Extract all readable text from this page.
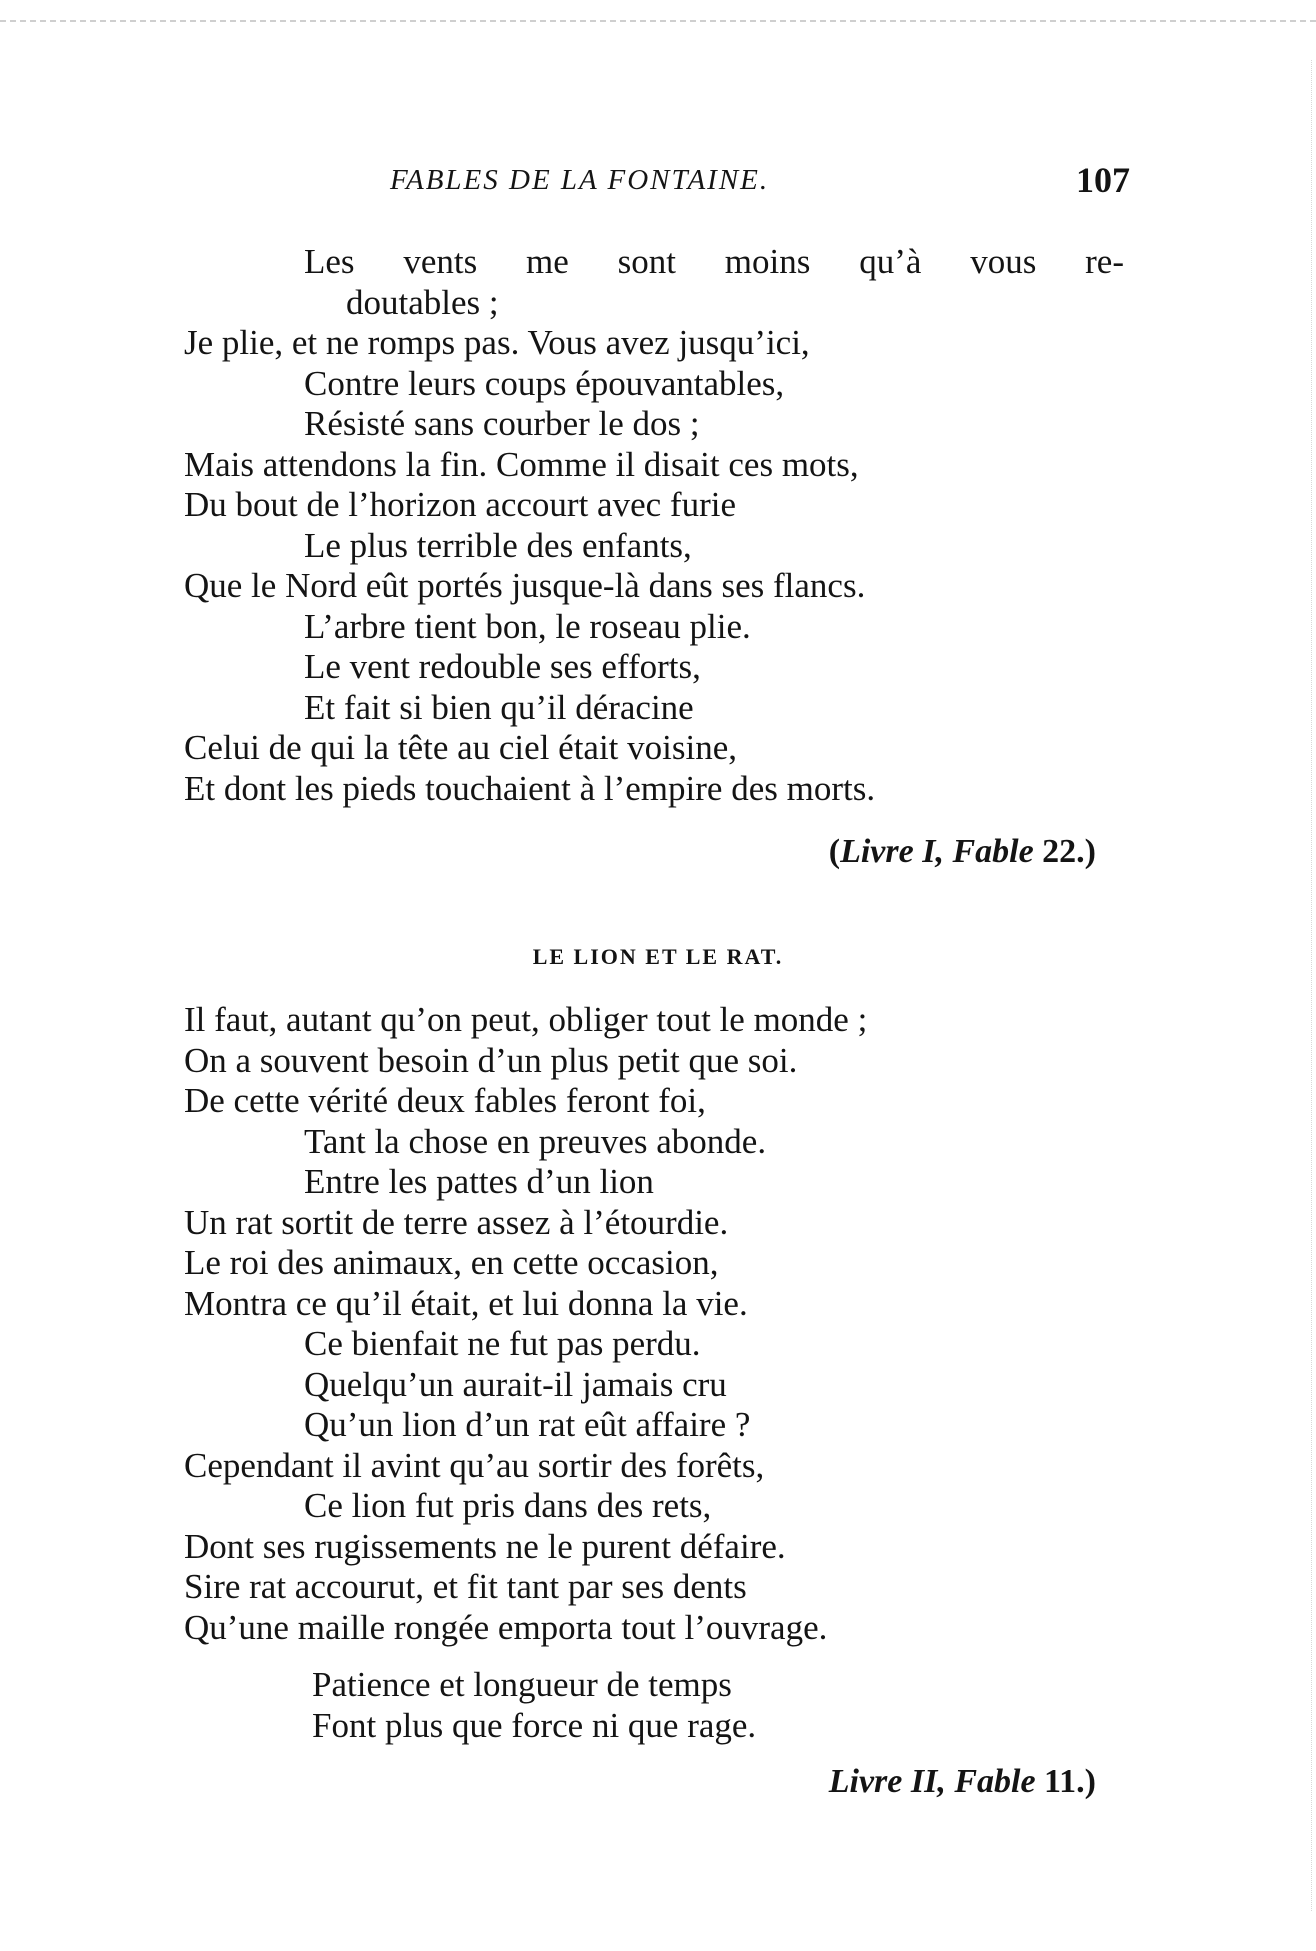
FABLES DE LA FONTAINE.	107
Les vents me sont moins qu’à vous re-
doutables ;
Je plie, et ne romps pas. Vous avez jusqu’ici,
Contre leurs coups épouvantables,
Résisté sans courber le dos ;
Mais attendons la fin. Comme il disait ces mots,
Du bout de l’horizon accourt avec furie
Le plus terrible des enfants,
Que le Nord eût portés jusque-là dans ses flancs.
L’arbre tient bon, le roseau plie.
Le vent redouble ses efforts,
Et fait si bien qu’il déracine
Celui de qui la tête au ciel était voisine,
Et dont les pieds touchaient à l’empire des morts.
(Livre I, Fable 22.)
LE LION ET LE RAT.
Il faut, autant qu’on peut, obliger tout le monde ;
On a souvent besoin d’un plus petit que soi.
De cette vérité deux fables feront foi,
Tant la chose en preuves abonde.
Entre les pattes d’un lion
Un rat sortit de terre assez à l’étourdie.
Le roi des animaux, en cette occasion,
Montra ce qu’il était, et lui donna la vie.
Ce bienfait ne fut pas perdu.
Quelqu’un aurait-il jamais cru
Qu’un lion d’un rat eût affaire ?
Cependant il avint qu’au sortir des forêts,
Ce lion fut pris dans des rets,
Dont ses rugissements ne le purent défaire.
Sire rat accourut, et fit tant par ses dents
Qu’une maille rongée emporta tout l’ouvrage.
Patience et longueur de temps
Font plus que force ni que rage.
Livre II, Fable 11.)
